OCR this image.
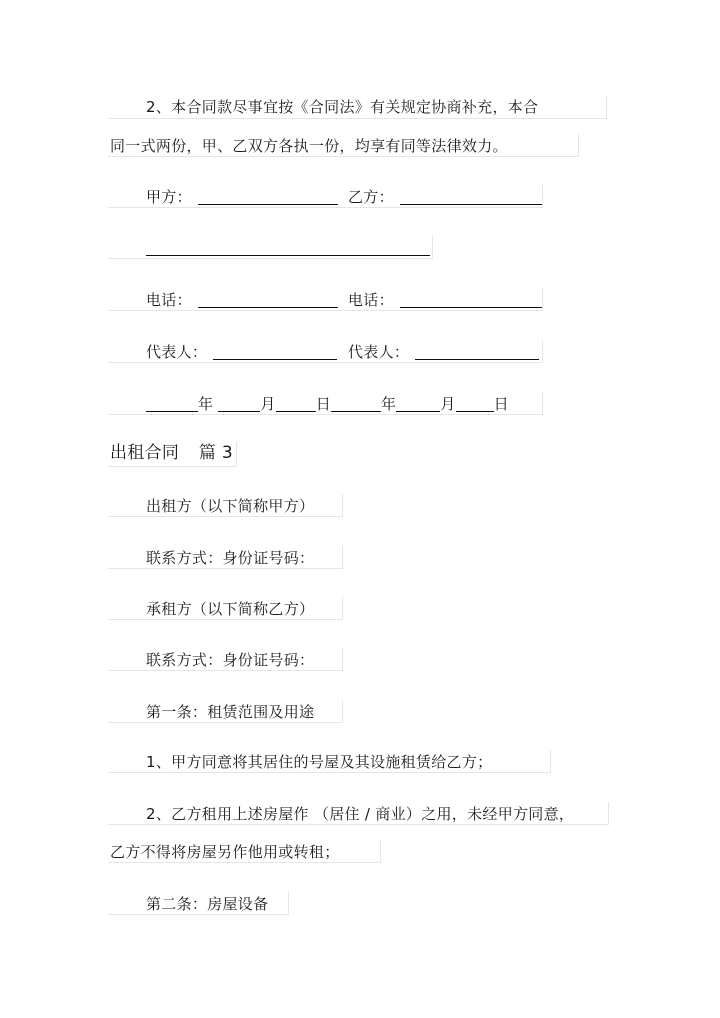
2、本合同款尽事宜按《合同法》有关规定协商补充，本合
同一式两份，甲、乙双方各执一份，均享有同等法律效力。
甲方：	乙方：
电话：	电话：
代表人：	代表人：
年	月	日	年	月	日
出租合同 篇 3
出租方（以下简称甲方）
联系方式：身份证号码：
承租方（以下简称乙方）
联系方式：身份证号码：
第一条：租赁范围及用途
1、甲方同意将其居住的号屋及其设施租赁给乙方；
2、乙方租用上述房屋作 （居住 / 商业）之用，未经甲方同意，
乙方不得将房屋另作他用或转租；
第二条：房屋设备
